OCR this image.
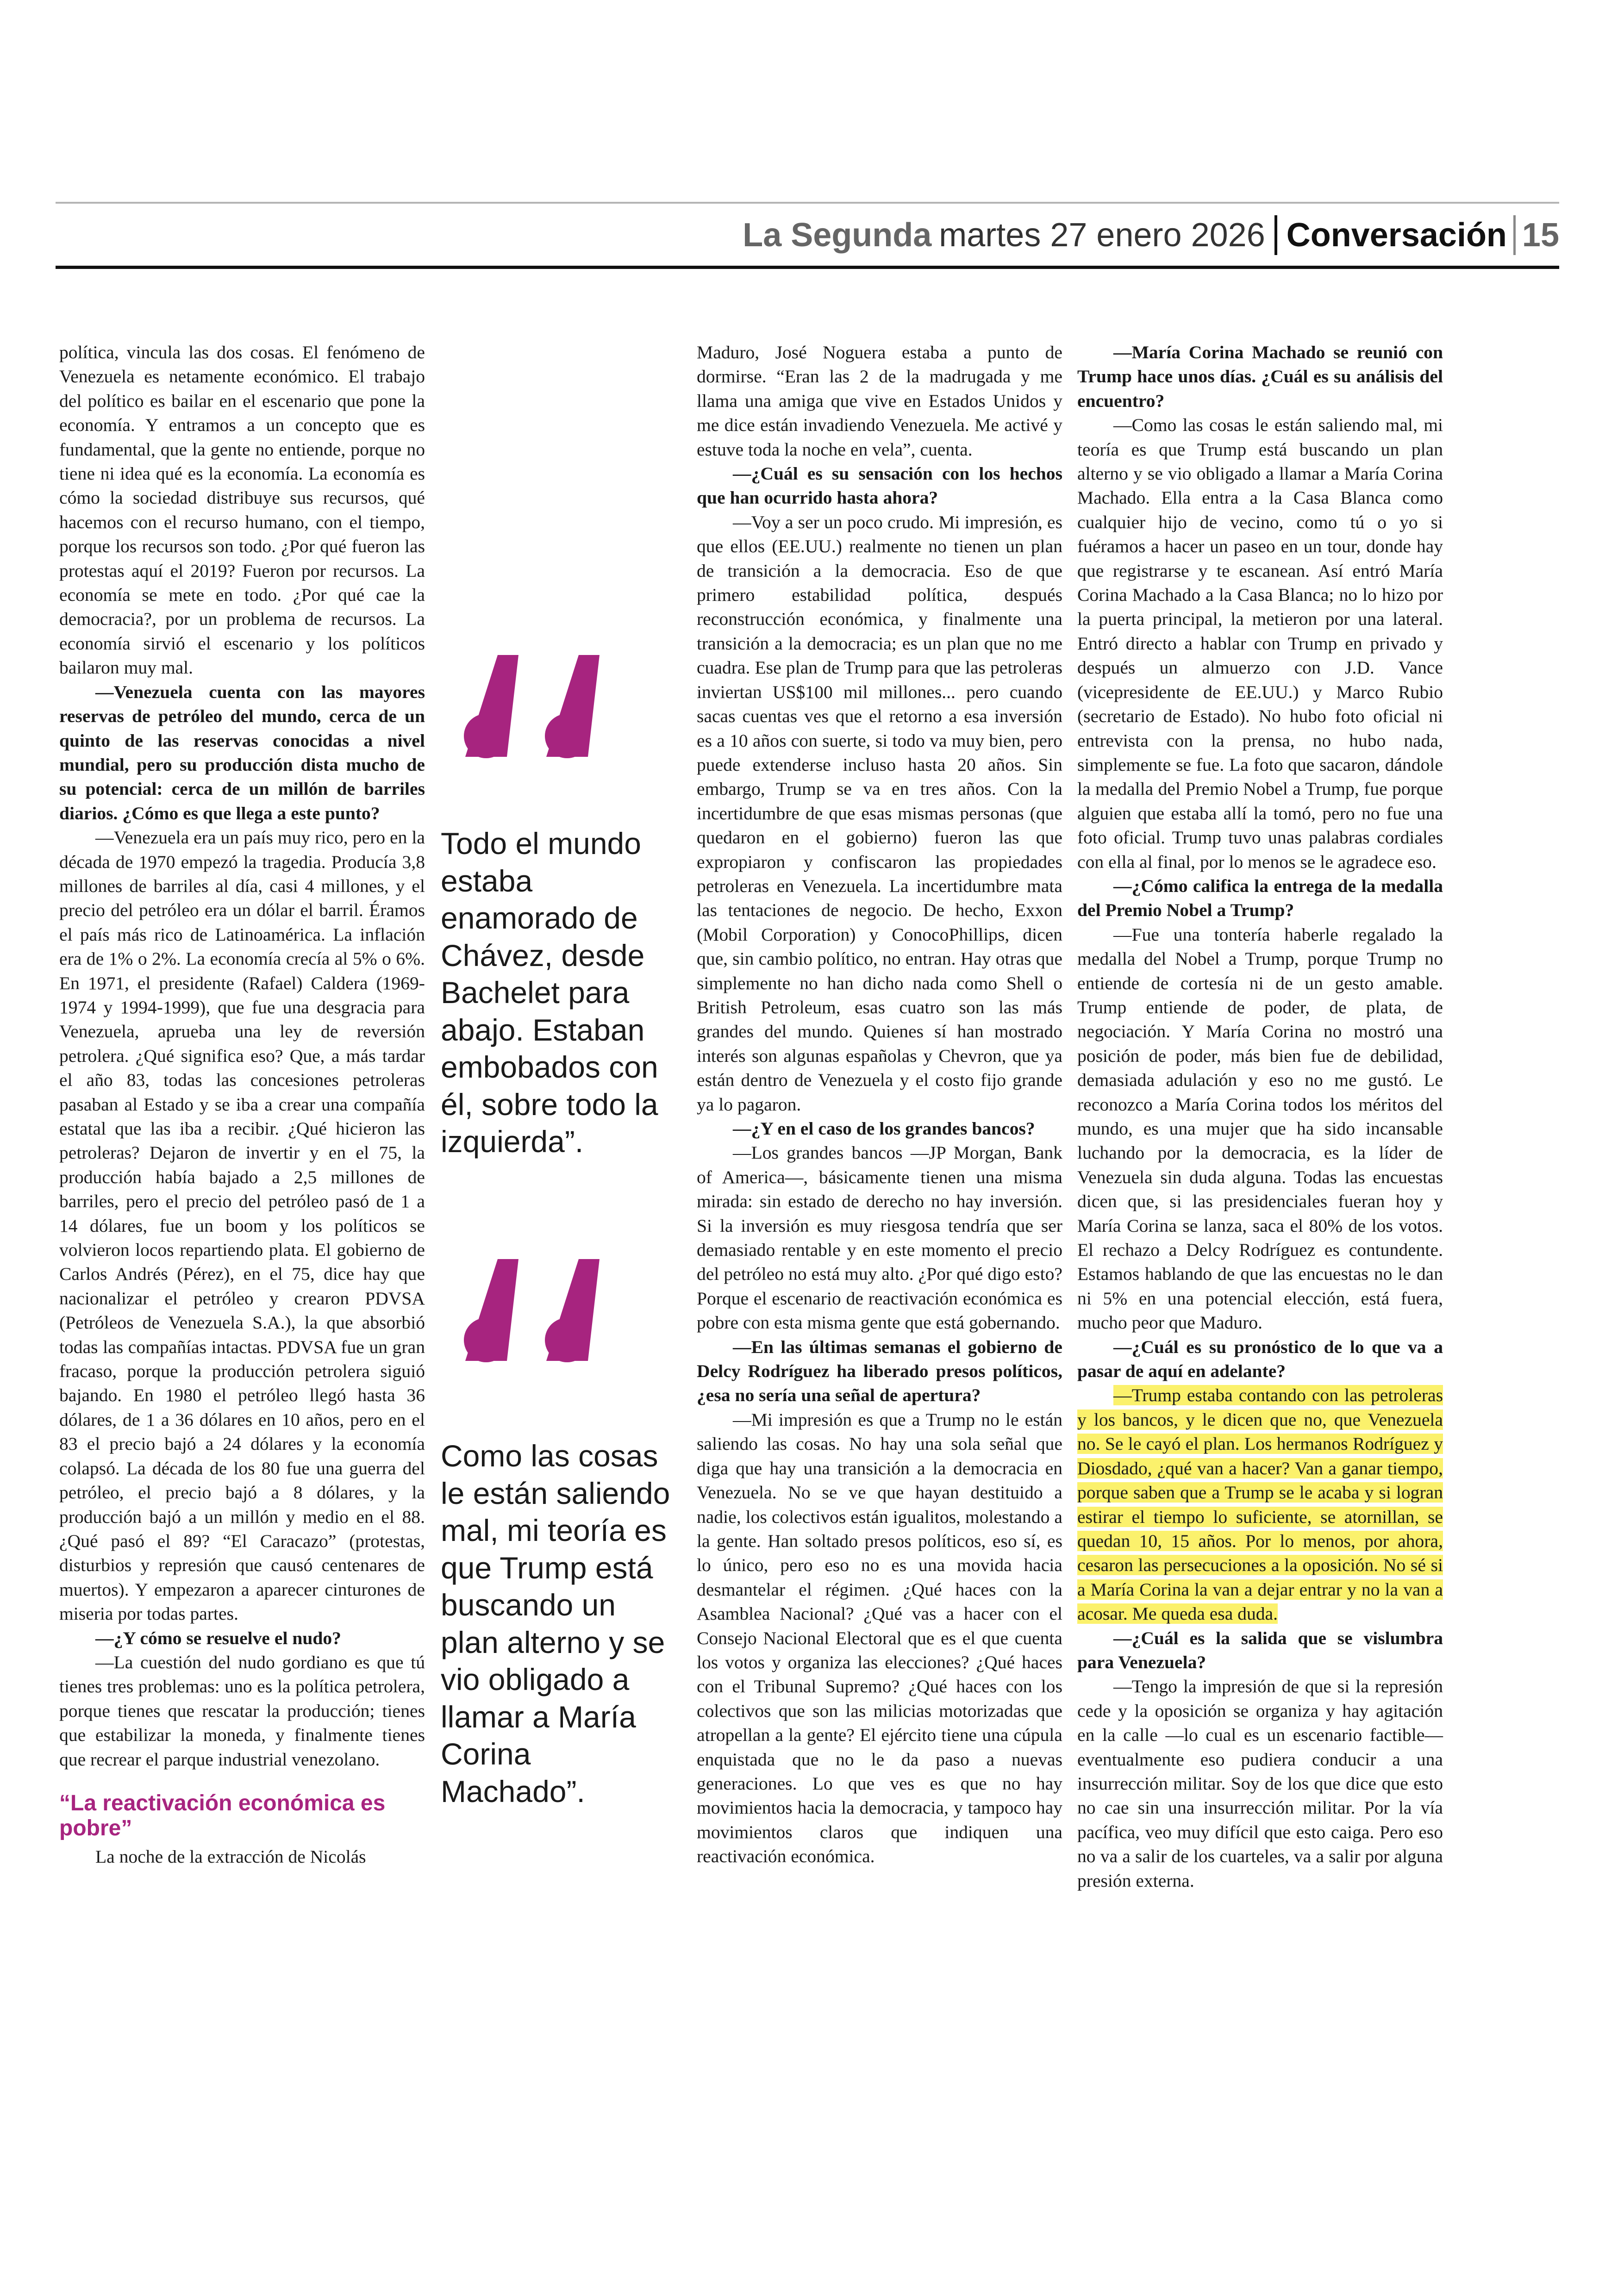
La Segunda martes 27 enero 2026 Conversación 15

política, vincula las dos cosas. El fenómeno de Venezuela es netamente económico. El trabajo del político es bailar en el escenario que pone la economía. Y entramos a un concepto que es fundamental, que la gente no entiende, porque no tiene ni idea qué es la economía. La economía es cómo la sociedad distribuye sus recursos, qué hacemos con el recurso humano, con el tiempo, porque los recursos son todo. ¿Por qué fueron las protestas aquí el 2019? Fueron por recursos. La economía se mete en todo. ¿Por qué cae la democracia?, por un problema de recursos. La economía sirvió el escenario y los políticos bailaron muy mal.

—Venezuela cuenta con las mayores reservas de petróleo del mundo, cerca de un quinto de las reservas conocidas a nivel mundial, pero su producción dista mucho de su potencial: cerca de un millón de barriles diarios. ¿Cómo es que llega a este punto?

—Venezuela era un país muy rico, pero en la década de 1970 empezó la tragedia. Producía 3,8 millones de barriles al día, casi 4 millones, y el precio del petróleo era un dólar el barril. Éramos el país más rico de Latinoamérica. La inflación era de 1% o 2%. La economía crecía al 5% o 6%. En 1971, el presidente (Rafael) Caldera (1969-1974 y 1994-1999), que fue una desgracia para Venezuela, aprueba una ley de reversión petrolera. ¿Qué significa eso? Que, a más tardar el año 83, todas las concesiones petroleras pasaban al Estado y se iba a crear una compañía estatal que las iba a recibir. ¿Qué hicieron las petroleras? Dejaron de invertir y en el 75, la producción había bajado a 2,5 millones de barriles, pero el precio del petróleo pasó de 1 a 14 dólares, fue un boom y los políticos se volvieron locos repartiendo plata. El gobierno de Carlos Andrés (Pérez), en el 75, dice hay que nacionalizar el petróleo y crearon PDVSA (Petróleos de Venezuela S.A.), la que absorbió todas las compañías intactas. PDVSA fue un gran fracaso, porque la producción petrolera siguió bajando. En 1980 el petróleo llegó hasta 36 dólares, de 1 a 36 dólares en 10 años, pero en el 83 el precio bajó a 24 dólares y la economía colapsó. La década de los 80 fue una guerra del petróleo, el precio bajó a 8 dólares, y la producción bajó a un millón y medio en el 88. ¿Qué pasó el 89? “El Caracazo” (protestas, disturbios y represión que causó centenares de muertos). Y empezaron a aparecer cinturones de miseria por todas partes.

—¿Y cómo se resuelve el nudo?

—La cuestión del nudo gordiano es que tú tienes tres problemas: uno es la política petrolera, porque tienes que rescatar la producción; tienes que estabilizar la moneda, y finalmente tienes que recrear el parque industrial venezolano.

“La reactivación económica es pobre”

La noche de la extracción de Nicolás

Todo el mundo estaba enamorado de Chávez, desde Bachelet para abajo. Estaban embobados con él, sobre todo la izquierda”.

Como las cosas le están saliendo mal, mi teoría es que Trump está buscando un plan alterno y se vio obligado a llamar a María Corina Machado”.

Maduro, José Noguera estaba a punto de dormirse. “Eran las 2 de la madrugada y me llama una amiga que vive en Estados Unidos y me dice están invadiendo Venezuela. Me activé y estuve toda la noche en vela”, cuenta.

—¿Cuál es su sensación con los hechos que han ocurrido hasta ahora?

—Voy a ser un poco crudo. Mi impresión, es que ellos (EE.UU.) realmente no tienen un plan de transición a la democracia. Eso de que primero estabilidad política, después reconstrucción económica, y finalmente una transición a la democracia; es un plan que no me cuadra. Ese plan de Trump para que las petroleras inviertan US$100 mil millones... pero cuando sacas cuentas ves que el retorno a esa inversión es a 10 años con suerte, si todo va muy bien, pero puede extenderse incluso hasta 20 años. Sin embargo, Trump se va en tres años. Con la incertidumbre de que esas mismas personas (que quedaron en el gobierno) fueron las que expropiaron y confiscaron las propiedades petroleras en Venezuela. La incertidumbre mata las tentaciones de negocio. De hecho, Exxon (Mobil Corporation) y ConocoPhillips, dicen que, sin cambio político, no entran. Hay otras que simplemente no han dicho nada como Shell o British Petroleum, esas cuatro son las más grandes del mundo. Quienes sí han mostrado interés son algunas españolas y Chevron, que ya están dentro de Venezuela y el costo fijo grande ya lo pagaron.

—¿Y en el caso de los grandes bancos?

—Los grandes bancos —JP Morgan, Bank of America—, básicamente tienen una misma mirada: sin estado de derecho no hay inversión. Si la inversión es muy riesgosa tendría que ser demasiado rentable y en este momento el precio del petróleo no está muy alto. ¿Por qué digo esto? Porque el escenario de reactivación económica es pobre con esta misma gente que está gobernando.

—En las últimas semanas el gobierno de Delcy Rodríguez ha liberado presos políticos, ¿esa no sería una señal de apertura?

—Mi impresión es que a Trump no le están saliendo las cosas. No hay una sola señal que diga que hay una transición a la democracia en Venezuela. No se ve que hayan destituido a nadie, los colectivos están igualitos, molestando a la gente. Han soltado presos políticos, eso sí, es lo único, pero eso no es una movida hacia desmantelar el régimen. ¿Qué haces con la Asamblea Nacional? ¿Qué vas a hacer con el Consejo Nacional Electoral que es el que cuenta los votos y organiza las elecciones? ¿Qué haces con el Tribunal Supremo? ¿Qué haces con los colectivos que son las milicias motorizadas que atropellan a la gente? El ejército tiene una cúpula enquistada que no le da paso a nuevas generaciones. Lo que ves es que no hay movimientos hacia la democracia, y tampoco hay movimientos claros que indiquen una reactivación económica.

—María Corina Machado se reunió con Trump hace unos días. ¿Cuál es su análisis del encuentro?

—Como las cosas le están saliendo mal, mi teoría es que Trump está buscando un plan alterno y se vio obligado a llamar a María Corina Machado. Ella entra a la Casa Blanca como cualquier hijo de vecino, como tú o yo si fuéramos a hacer un paseo en un tour, donde hay que registrarse y te escanean. Así entró María Corina Machado a la Casa Blanca; no lo hizo por la puerta principal, la metieron por una lateral. Entró directo a hablar con Trump en privado y después un almuerzo con J.D. Vance (vicepresidente de EE.UU.) y Marco Rubio (secretario de Estado). No hubo foto oficial ni entrevista con la prensa, no hubo nada, simplemente se fue. La foto que sacaron, dándole la medalla del Premio Nobel a Trump, fue porque alguien que estaba allí la tomó, pero no fue una foto oficial. Trump tuvo unas palabras cordiales con ella al final, por lo menos se le agradece eso.

—¿Cómo califica la entrega de la medalla del Premio Nobel a Trump?

—Fue una tontería haberle regalado la medalla del Nobel a Trump, porque Trump no entiende de cortesía ni de un gesto amable. Trump entiende de poder, de plata, de negociación. Y María Corina no mostró una posición de poder, más bien fue de debilidad, demasiada adulación y eso no me gustó. Le reconozco a María Corina todos los méritos del mundo, es una mujer que ha sido incansable luchando por la democracia, es la líder de Venezuela sin duda alguna. Todas las encuestas dicen que, si las presidenciales fueran hoy y María Corina se lanza, saca el 80% de los votos. El rechazo a Delcy Rodríguez es contundente. Estamos hablando de que las encuestas no le dan ni 5% en una potencial elección, está fuera, mucho peor que Maduro.

—¿Cuál es su pronóstico de lo que va a pasar de aquí en adelante?

—Trump estaba contando con las petroleras y los bancos, y le dicen que no, que Venezuela no. Se le cayó el plan. Los hermanos Rodríguez y Diosdado, ¿qué van a hacer? Van a ganar tiempo, porque saben que a Trump se le acaba y si logran estirar el tiempo lo suficiente, se atornillan, se quedan 10, 15 años. Por lo menos, por ahora, cesaron las persecuciones a la oposición. No sé si a María Corina la van a dejar entrar y no la van a acosar. Me queda esa duda.

—¿Cuál es la salida que se vislumbra para Venezuela?

—Tengo la impresión de que si la represión cede y la oposición se organiza y hay agitación en la calle —lo cual es un escenario factible— eventualmente eso pudiera conducir a una insurrección militar. Soy de los que dice que esto no cae sin una insurrección militar. Por la vía pacífica, veo muy difícil que esto caiga. Pero eso no va a salir de los cuarteles, va a salir por alguna presión externa.
